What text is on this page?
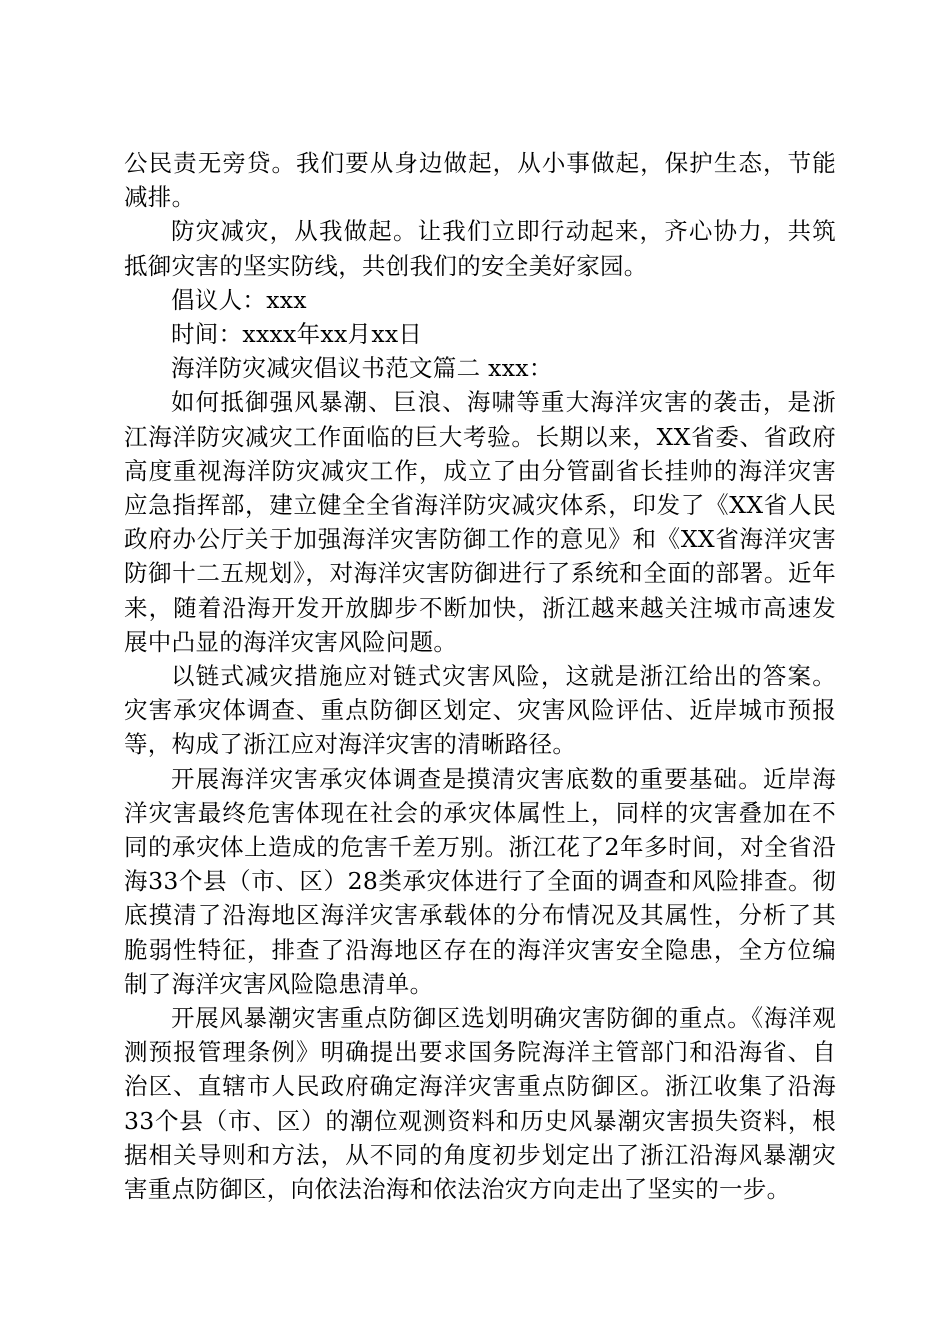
公民责无旁贷。我们要从身边做起，从小事做起，保护生态，节能减排。

防灾减灾，从我做起。让我们立即行动起来，齐心协力，共筑抵御灾害的坚实防线，共创我们的安全美好家园。

倡议人：xxx

时间：xxxx年xx月xx日

海洋防灾减灾倡议书范文篇二 xxx：

如何抵御强风暴潮、巨浪、海啸等重大海洋灾害的袭击，是浙江海洋防灾减灾工作面临的巨大考验。长期以来，XX省委、省政府高度重视海洋防灾减灾工作，成立了由分管副省长挂帅的海洋灾害应急指挥部，建立健全全省海洋防灾减灾体系，印发了《XX省人民政府办公厅关于加强海洋灾害防御工作的意见》和《XX省海洋灾害防御十二五规划》，对海洋灾害防御进行了系统和全面的部署。近年来，随着沿海开发开放脚步不断加快，浙江越来越关注城市高速发展中凸显的海洋灾害风险问题。

以链式减灾措施应对链式灾害风险，这就是浙江给出的答案。灾害承灾体调查、重点防御区划定、灾害风险评估、近岸城市预报等，构成了浙江应对海洋灾害的清晰路径。

开展海洋灾害承灾体调查是摸清灾害底数的重要基础。近岸海洋灾害最终危害体现在社会的承灾体属性上，同样的灾害叠加在不同的承灾体上造成的危害千差万别。浙江花了2年多时间，对全省沿海33个县（市、区）28类承灾体进行了全面的调查和风险排查。彻底摸清了沿海地区海洋灾害承载体的分布情况及其属性，分析了其脆弱性特征，排查了沿海地区存在的海洋灾害安全隐患，全方位编制了海洋灾害风险隐患清单。

开展风暴潮灾害重点防御区选划明确灾害防御的重点。《海洋观测预报管理条例》明确提出要求国务院海洋主管部门和沿海省、自治区、直辖市人民政府确定海洋灾害重点防御区。浙江收集了沿海33个县（市、区）的潮位观测资料和历史风暴潮灾害损失资料，根据相关导则和方法，从不同的角度初步划定出了浙江沿海风暴潮灾害重点防御区，向依法治海和依法治灾方向走出了坚实的一步。
